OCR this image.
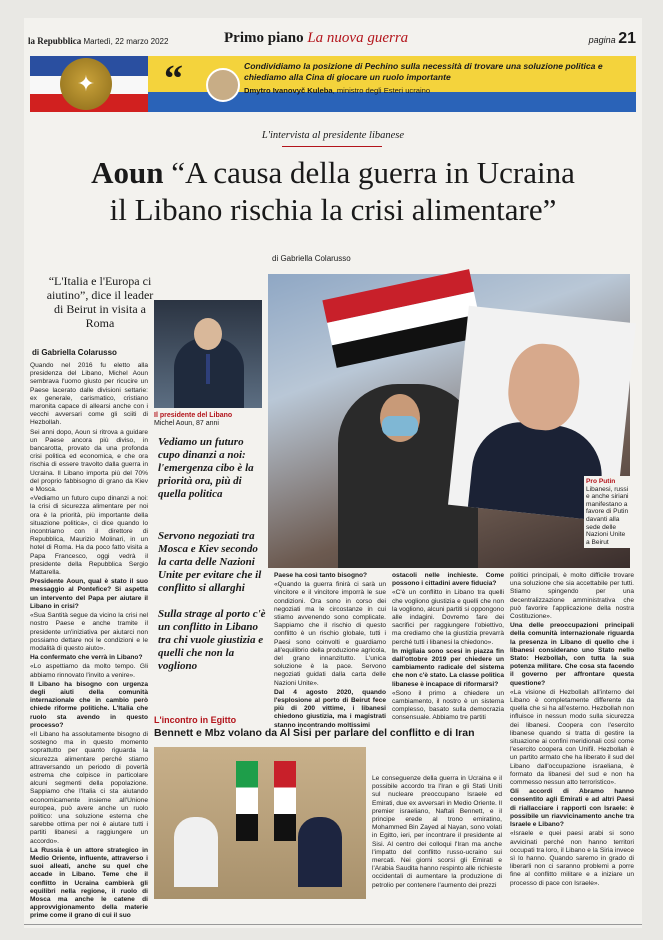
la Repubblica Martedì, 22 marzo 2022	Primo piano La nuova guerra	pagina 21
✦	“	Condividiamo la posizione di Pechino sulla necessità di trovare una soluzione politica e chiediamo alla Cina di giocare un ruolo importante
Dmytro Ivanovyč Kuleba, ministro degli Esteri ucraino
L'intervista al presidente libanese
Aoun “A causa della guerra in Ucraina
il Libano rischia la crisi alimentare”
di Gabriella Colarusso
“L'Italia e l'Europa ci aiutino”, dice il leader di Beirut in visita a Roma
di Gabriella Colarusso

Quando nel 2016 fu eletto alla presidenza del Libano, Michel Aoun sembrava l'uomo giusto per ricucire un Paese lacerato dalle divisioni settarie: ex generale, carismatico, cristiano maronita capace di allearsi anche con i vecchi avversari come gli sciiti di Hezbollah.

Sei anni dopo, Aoun si ritrova a guidare un Paese ancora più diviso, in bancarotta, provato da una profonda crisi politica ed economica, e che ora rischia di essere travolto dalla guerra in Ucraina. Il Libano importa più del 70% del proprio fabbisogno di grano da Kiev e Mosca.

«Vediamo un futuro cupo dinanzi a noi: la crisi di sicurezza alimentare per noi ora è la priorità, più importante della situazione politica», ci dice quando lo incontriamo con il direttore di Repubblica, Maurizio Molinari, in un hotel di Roma. Ha da poco fatto visita a Papa Francesco, oggi vedrà il presidente della Repubblica Sergio Mattarella.

Presidente Aoun, qual è stato il suo messaggio al Pontefice? Si aspetta un intervento del Papa per aiutare il Libano in crisi?

«Sua Santità segue da vicino la crisi nel nostro Paese e anche tramite il presidente un'iniziativa per aiutarci non possiamo dettare noi le condizioni e le modalità di questo aiuto».

Ha confermato che verrà in Libano?

«Lo aspettiamo da molto tempo. Gli abbiamo rinnovato l'invito a venire».

Il Libano ha bisogno con urgenza degli aiuti della comunità internazionale che in cambio però chiede riforme politiche. L'Italia che ruolo sta avendo in questo processo?

«Il Libano ha assolutamente bisogno di sostegno ma in questo momento soprattutto per quanto riguarda la sicurezza alimentare perché stiamo attraversando un periodo di povertà estrema che colpisce in particolare alcuni segmenti della popolazione. Sappiamo che l'Italia ci sta aiutando economicamente insieme all'Unione europea, può avere anche un ruolo politico: una soluzione esterna che sarebbe ottima per noi è aiutare tutti i partiti libanesi a raggiungere un accordo».

La Russia è un attore strategico in Medio Oriente, influente, attraverso i suoi alleati, anche su quel che accade in Libano. Teme che il conflitto in Ucraina cambierà gli equilibri nella regione, il ruolo di Mosca ma anche le catene di approvvigionamento della materie prime come il grano di cui il suo

Il presidente del Libano
Michel Aoun, 87 anni
Vediamo un futuro cupo dinanzi a noi: l'emergenza cibo è la priorità ora, più di quella politica
Servono negoziati tra Mosca e Kiev secondo la carta delle Nazioni Unite per evitare che il conflitto si allarghi
Sulla strage al porto c'è un conflitto in Libano tra chi vuole giustizia e quelli che non la vogliono
Pro Putin
Libanesi, russi e anche siriani manifestano a favore di Putin davanti alla sede delle Nazioni Unite a Beirut

Paese ha così tanto bisogno?

«Quando la guerra finirà ci sarà un vincitore e il vincitore imporrà le sue condizioni. Ora sono in corso dei negoziati ma le circostanze in cui stiamo avvenendo sono complicate. Sappiamo che il rischio di questo conflitto è un rischio globale, tutti i Paesi sono coinvolti e guardiamo all'equilibrio della produzione agricola, del grano innanzitutto. L'unica soluzione è la pace. Servono negoziati guidati dalla carta delle Nazioni Unite».

Dal 4 agosto 2020, quando l'esplosione al porto di Beirut fece più di 200 vittime, i libanesi chiedono giustizia, ma i magistrati stanno incontrando moltissimi

ostacoli nelle inchieste. Come possono i cittadini avere fiducia?

«C'è un conflitto in Libano tra quelli che vogliono giustizia e quelli che non la vogliono, alcuni partiti si oppongono alle indagini. Dovremo fare dei sacrifici per raggiungere l'obiettivo, ma crediamo che la giustizia prevarrà perché tutti i libanesi la chiedono».

In migliaia sono scesi in piazza fin dall'ottobre 2019 per chiedere un cambiamento radicale del sistema che non c'è stato. La classe politica libanese è incapace di riformarsi?

«Sono il primo a chiedere un cambiamento, il nostro è un sistema complesso, basato sulla democrazia consensuale. Abbiamo tre partiti

politici principali, è molto difficile trovare una soluzione che sia accettabile per tutti. Stiamo spingendo per una decentralizzazione amministrativa che può favorire l'applicazione della nostra Costituzione».

Una delle preoccupazioni principali della comunità internazionale riguarda la presenza in Libano di quello che i libanesi considerano uno Stato nello Stato: Hezbollah, con tutta la sua potenza militare. Che cosa sta facendo il governo per affrontare questa questione?

«La visione di Hezbollah all'interno del Libano è completamente differente da quella che si ha all'esterno. Hezbollah non influisce in nessun modo sulla sicurezza dei libanesi. Coopera con l'esercito libanese quando si tratta di gestire la situazione ai confini meridionali così come l'esercito coopera con Unifil. Hezbollah è un partito armato che ha liberato il sud del Libano dall'occupazione israeliana, è formato da libanesi del sud e non ha commesso nessun atto terroristico».

Gli accordi di Abramo hanno consentito agli Emirati e ad altri Paesi di riallacciare i rapporti con Israele: è possibile un riavvicinamento anche tra Israele e Libano?

«Israele e quei paesi arabi si sono avvicinati perché non hanno territori occupati tra loro, il Libano e la Siria invece sì lo hanno. Quando saremo in grado di liberarli non ci saranno problemi a porre fine al conflitto militare e a iniziare un processo di pace con Israele».

L'incontro in Egitto
Bennett e Mbz volano da Al Sisi per parlare del conflitto e di Iran
Le conseguenze della guerra in Ucraina e il possibile accordo tra l'Iran e gli Stati Uniti sul nucleare preoccupano Israele ed Emirati, due ex avversari in Medio Oriente. Il premier israeliano, Naftali Bennett, e il principe erede al trono emiratino, Mohammed Bin Zayed al Nayan, sono volati in Egitto, ieri, per incontrare il presidente al Sisi. Al centro dei colloqui l'Iran ma anche l'impatto del conflitto russo-ucraino sui mercati. Nei giorni scorsi gli Emirati e l'Arabia Saudita hanno respinto alle richieste occidentali di aumentare la produzione di petrolio per contenere l'aumento dei prezzi
